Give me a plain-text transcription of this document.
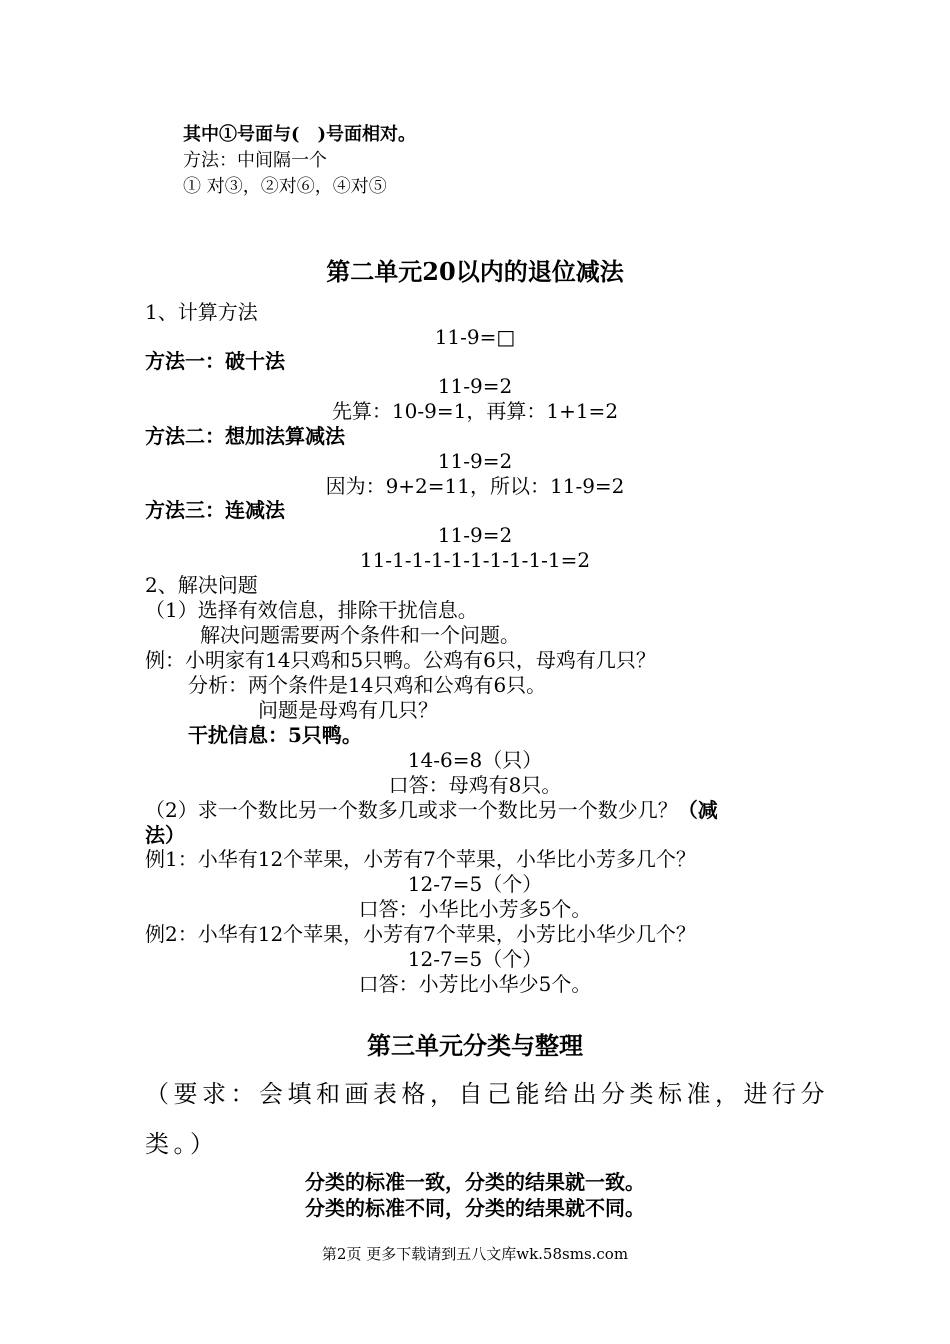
其中①号面与(　)号面相对。
方法：中间隔一个
① 对③，②对⑥，④对⑤
第二单元20以内的退位减法
1、计算方法
11-9=□
方法一：破十法
11-9=2
先算：10-9=1，再算：1+1=2
方法二：想加法算减法
11-9=2
因为：9+2=11，所以：11-9=2
方法三：连减法
11-9=2
11-1-1-1-1-1-1-1-1-1=2
2、解决问题
（1）选择有效信息，排除干扰信息。
解决问题需要两个条件和一个问题。
例：小明家有14只鸡和5只鸭。公鸡有6只，母鸡有几只？
分析：两个条件是14只鸡和公鸡有6只。
问题是母鸡有几只？
干扰信息：5只鸭。
14-6=8（只）
口答：母鸡有8只。
（2）求一个数比另一个数多几或求一个数比另一个数少几？（减
法）
例1：小华有12个苹果，小芳有7个苹果，小华比小芳多几个？
12-7=5（个）
口答：小华比小芳多5个。
例2：小华有12个苹果，小芳有7个苹果，小芳比小华少几个？
12-7=5（个）
口答：小芳比小华少5个。
第三单元分类与整理
（要求：会填和画表格，自己能给出分类标准，进行分
类。）
分类的标准一致，分类的结果就一致。
分类的标准不同，分类的结果就不同。
第2页 更多下载请到五八文库wk.58sms.com
